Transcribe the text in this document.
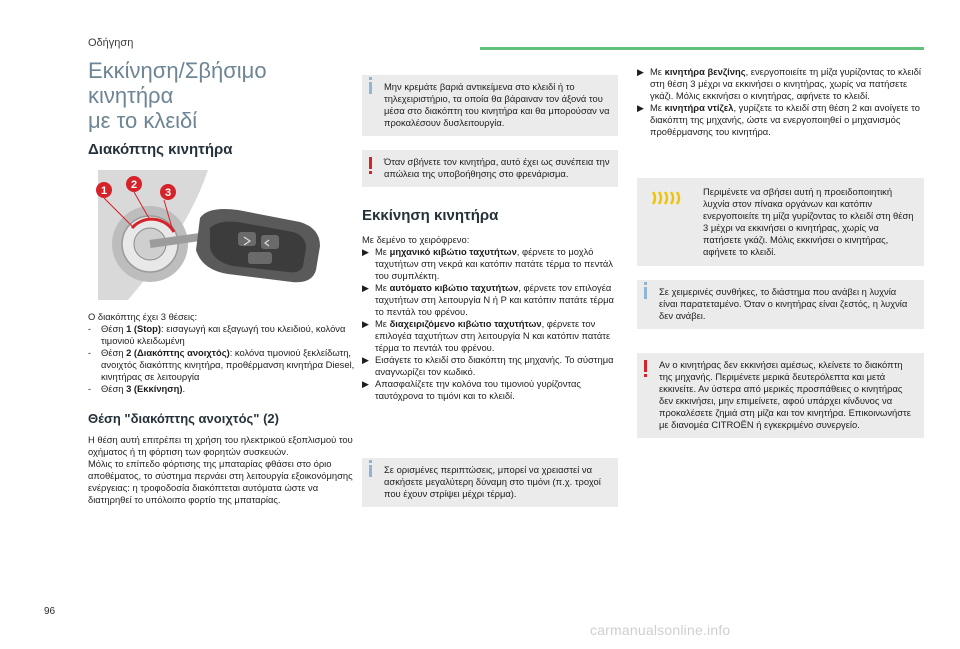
Οδήγηση
Εκκίνηση/Σβήσιμο κινητήρα
με το κλειδί
Διακόπτης κινητήρα
1 2
3

Ο διακόπτης έχει 3 θέσεις:

- Θέση 1 (Stop): εισαγωγή και εξαγωγή του κλειδιού, κολόνα τιμονιού κλειδωμένη
- Θέση 2 (Διακόπτης ανοιχτός): κολόνα τιμονιού ξεκλείδωτη, ανοιχτός διακόπτης κινητήρα, προθέρμανση κινητήρα Diesel, κινητήρας σε λειτουργία
- Θέση 3 (Εκκίνηση).
Θέση "διακόπτης ανοιχτός" (2)

Η θέση αυτή επιτρέπει τη χρήση του ηλεκτρικού εξοπλισμού του οχήματος ή τη φόρτιση των φορητών συσκευών.

Μόλις το επίπεδο φόρτισης της μπαταρίας φθάσει στο όριο αποθέματος, το σύστημα περνάει στη λειτουργία εξοικονόμησης ενέργειας: η τροφοδοσία διακόπτεται αυτόματα ώστε να διατηρηθεί το υπόλοιπο φορτίο της μπαταρίας.

Μην κρεμάτε βαριά αντικείμενα στο κλειδί ή το τηλεχειριστήριο, τα οποία θα βάραιναν τον άξονά του μέσα στο διακόπτη του κινητήρα και θα μπορούσαν να προκαλέσουν δυσλειτουργία.
Όταν σβήνετε τον κινητήρα, αυτό έχει ως συνέπεια την απώλεια της υποβοήθησης στο φρενάρισμα.
Εκκίνηση κινητήρα

Με δεμένο το χειρόφρενο:

▶ Με μηχανικό κιβώτιο ταχυτήτων, φέρνετε το μοχλό ταχυτήτων στη νεκρά και κατόπιν πατάτε τέρμα το πεντάλ του συμπλέκτη.
▶ Με αυτόματο κιβώτιο ταχυτήτων, φέρνετε τον επιλογέα ταχυτήτων στη λειτουργία N ή P και κατόπιν πατάτε τέρμα το πεντάλ του φρένου.
▶ Με διαχειριζόμενο κιβώτιο ταχυτήτων, φέρνετε τον επιλογέα ταχυτήτων στη λειτουργία N και κατόπιν πατάτε τέρμα το πεντάλ του φρένου.
▶ Εισάγετε το κλειδί στο διακόπτη της μηχανής. Το σύστημα αναγνωρίζει τον κωδικό.
▶ Απασφαλίζετε την κολόνα του τιμονιού γυρίζοντας ταυτόχρονα το τιμόνι και το κλειδί.
Σε ορισμένες περιπτώσεις, μπορεί να χρειαστεί να ασκήσετε μεγαλύτερη δύναμη στο τιμόνι (π.χ. τροχοί που έχουν στρίψει μέχρι τέρμα).
▶ Με κινητήρα βενζίνης, ενεργοποιείτε τη μίζα γυρίζοντας το κλειδί στη θέση 3 μέχρι να εκκινήσει ο κινητήρας, χωρίς να πατήσετε γκάζι. Μόλις εκκινήσει ο κινητήρας, αφήνετε το κλειδί.
▶ Με κινητήρα ντίζελ, γυρίζετε το κλειδί στη θέση 2 και ανοίγετε το διακόπτη της μηχανής, ώστε να ενεργοποιηθεί ο μηχανισμός προθέρμανσης του κινητήρα.
Περιμένετε να σβήσει αυτή η προειδοποιητική λυχνία στον πίνακα οργάνων και κατόπιν ενεργοποιείτε τη μίζα γυρίζοντας το κλειδί στη θέση 3 μέχρι να εκκινήσει ο κινητήρας, χωρίς να πατήσετε γκάζι. Μόλις εκκινήσει ο κινητήρας, αφήνετε το κλειδί.
Σε χειμερινές συνθήκες, το διάστημα που ανάβει η λυχνία είναι παρατεταμένο. Όταν ο κινητήρας είναι ζεστός, η λυχνία δεν ανάβει.
Αν ο κινητήρας δεν εκκινήσει αμέσως, κλείνετε το διακόπτη της μηχανής. Περιμένετε μερικά δευτερόλεπτα και μετά εκκινείτε. Αν ύστερα από μερικές προσπάθειες ο κινητήρας δεν εκκινήσει, μην επιμείνετε, αφού υπάρχει κίνδυνος να προκαλέσετε ζημιά στη μίζα και τον κινητήρα. Επικοινωνήστε με διανομέα CITROËN ή εγκεκριμένο συνεργείο.
96
carmanualsonline.info
